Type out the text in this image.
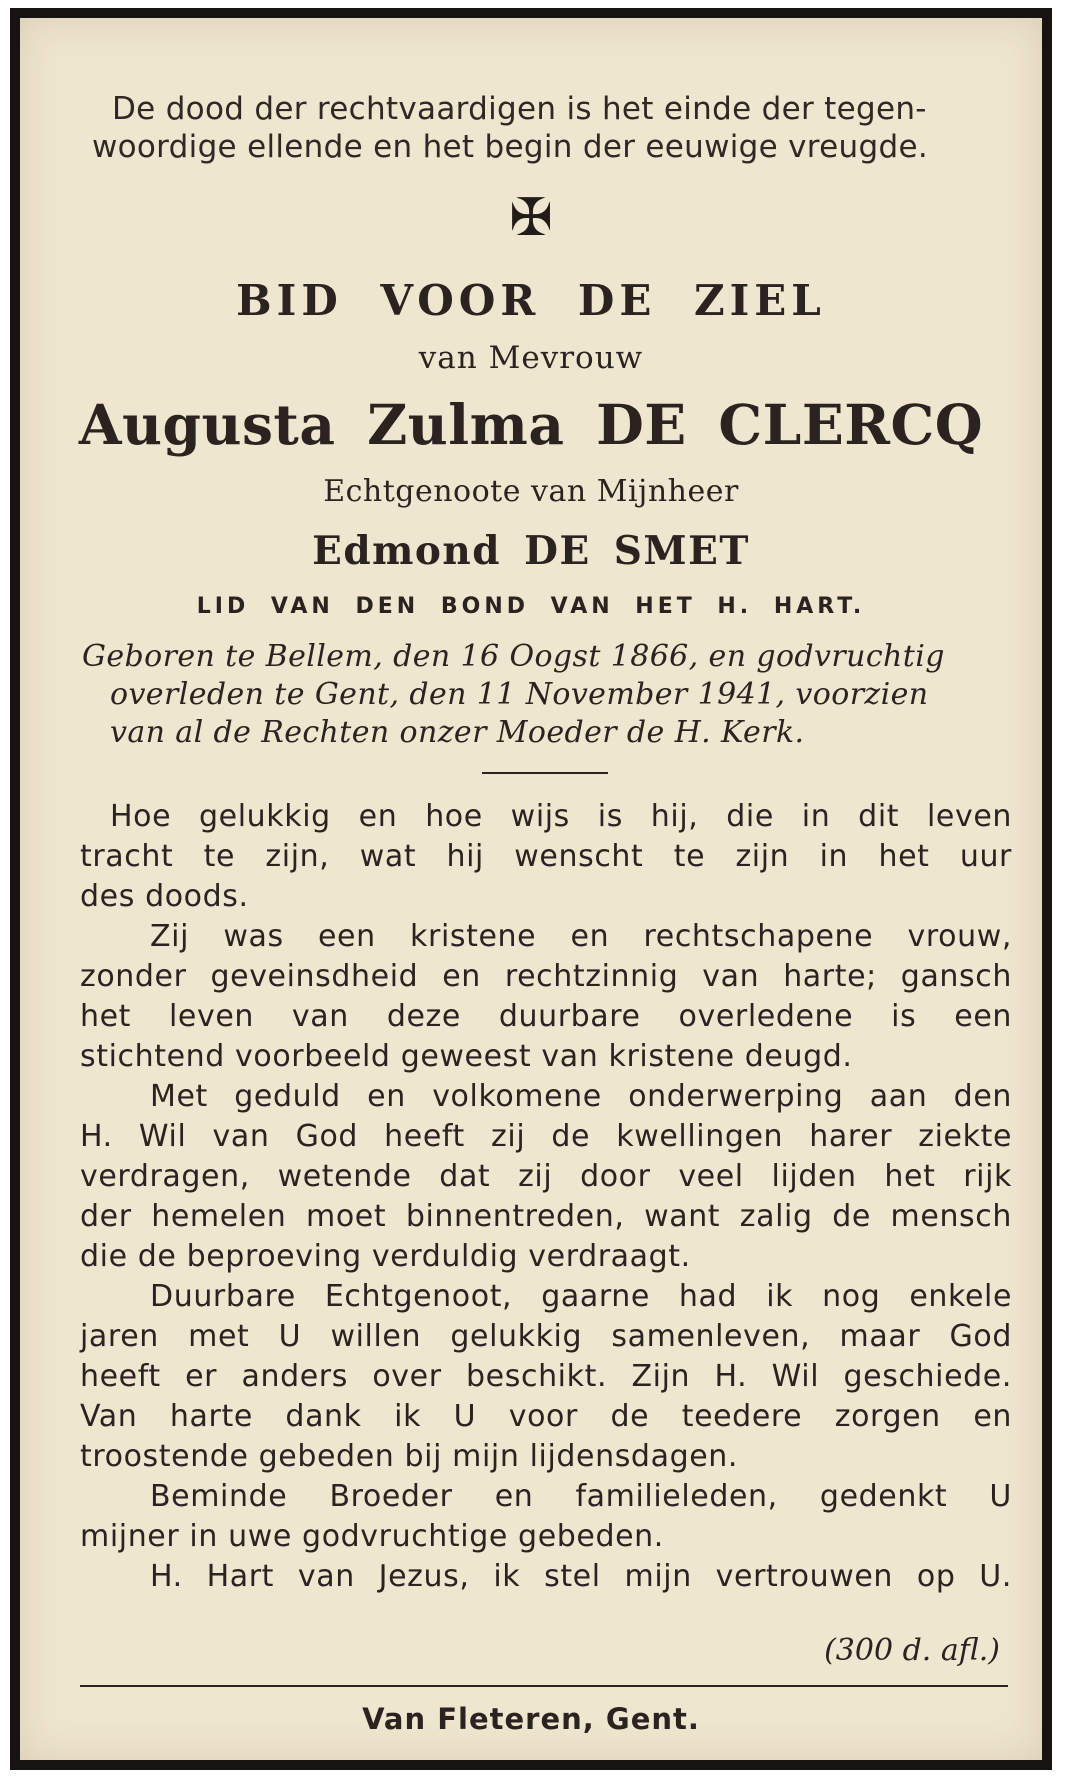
De dood der rechtvaardigen is het einde der tegen-
woordige ellende en het begin der eeuwige vreugde.
✠
BID VOOR DE ZIEL
van Mevrouw
Augusta Zulma DE CLERCQ
Echtgenoote van Mijnheer
Edmond DE SMET
LID VAN DEN BOND VAN HET H. HART.
Geboren te Bellem, den 16 Oogst 1866, en godvruchtig
overleden te Gent, den 11 November 1941, voorzien
van al de Rechten onzer Moeder de H. Kerk.
Hoe gelukkig en hoe wijs is hij, die in dit leven
tracht te zijn, wat hij wenscht te zijn in het uur
des doods.
Zij was een kristene en rechtschapene vrouw,
zonder geveinsdheid en rechtzinnig van harte; gansch
het leven van deze duurbare overledene is een
stichtend voorbeeld geweest van kristene deugd.
Met geduld en volkomene onderwerping aan den
H. Wil van God heeft zij de kwellingen harer ziekte
verdragen, wetende dat zij door veel lijden het rijk
der hemelen moet binnentreden, want zalig de mensch
die de beproeving verduldig verdraagt.
Duurbare Echtgenoot, gaarne had ik nog enkele
jaren met U willen gelukkig samenleven, maar God
heeft er anders over beschikt. Zijn H. Wil geschiede.
Van harte dank ik U voor de teedere zorgen en
troostende gebeden bij mijn lijdensdagen.
Beminde Broeder en familieleden, gedenkt U
mijner in uwe godvruchtige gebeden.
H. Hart van Jezus, ik stel mijn vertrouwen op U.
(300 d. afl.)
Van Fleteren, Gent.
